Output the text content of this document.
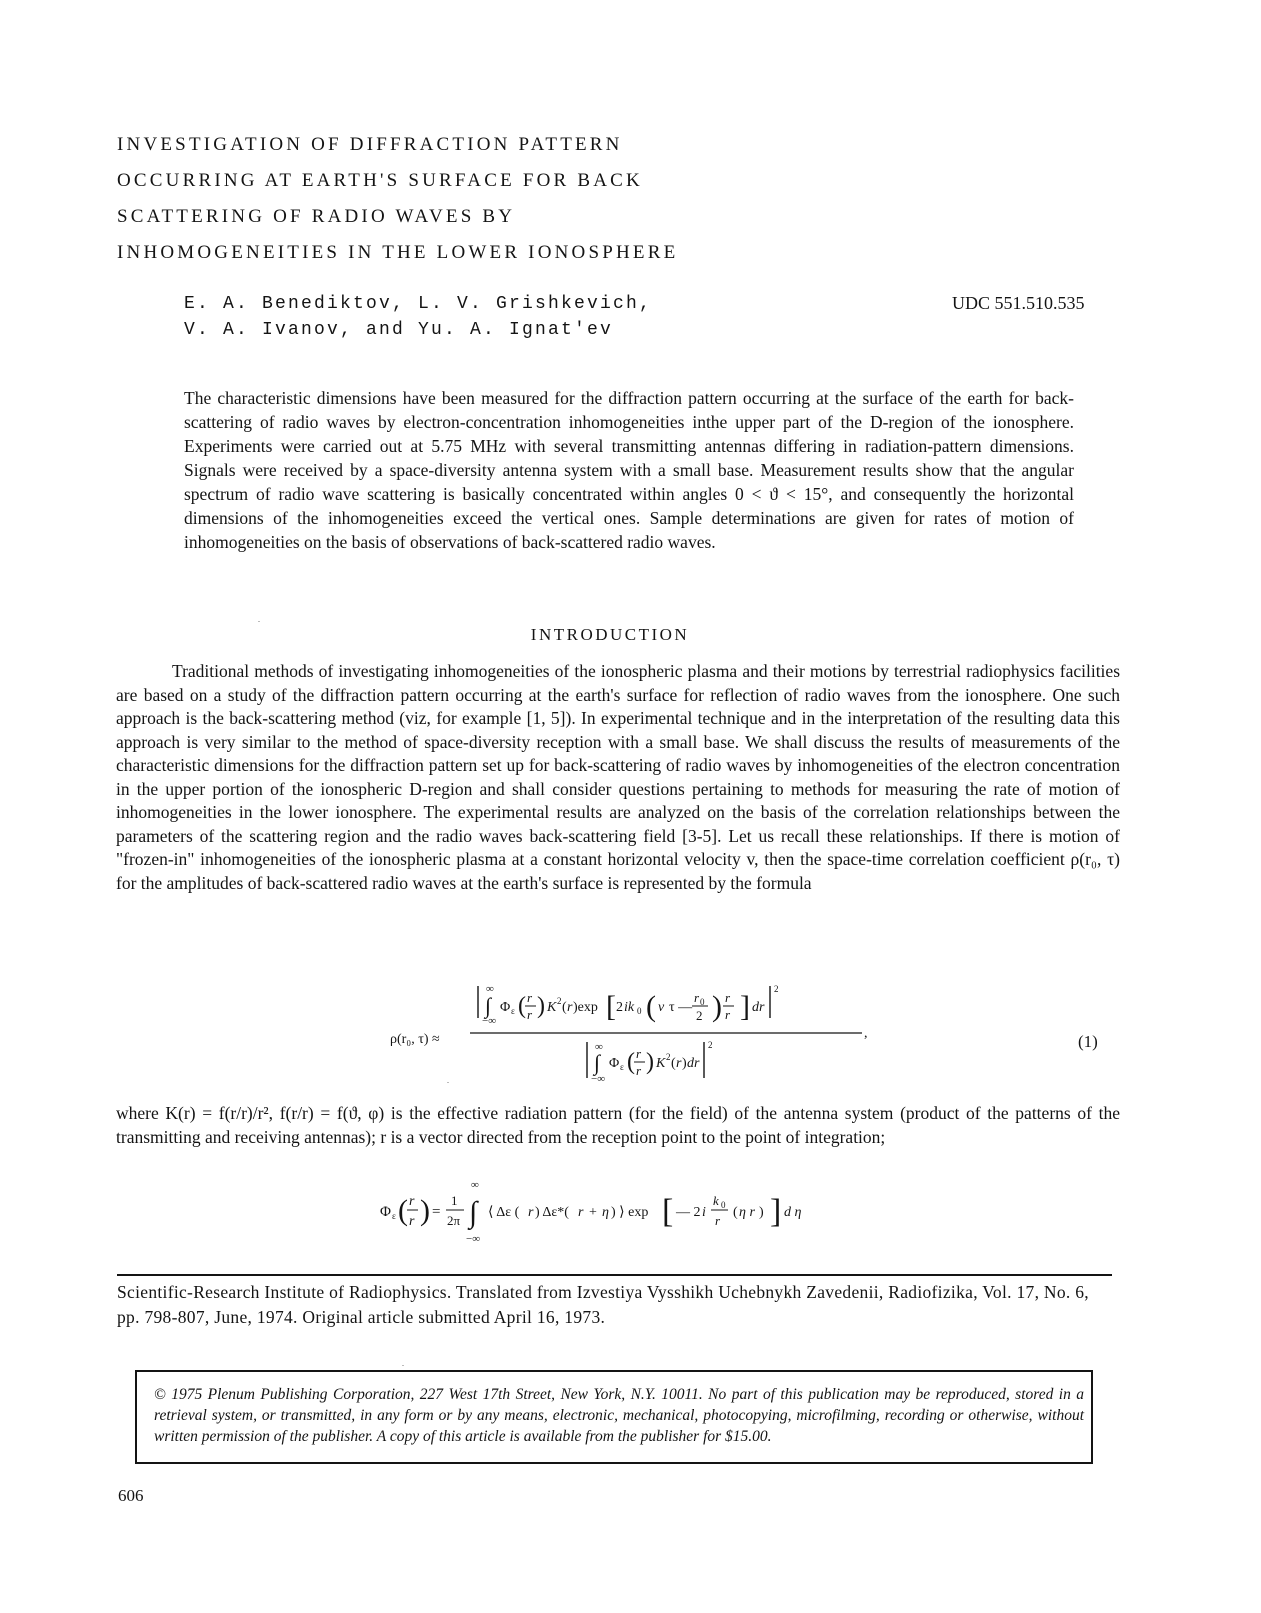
INVESTIGATION OF DIFFRACTION PATTERN
OCCURRING AT EARTH'S SURFACE FOR BACK
SCATTERING OF RADIO WAVES BY
INHOMOGENEITIES IN THE LOWER IONOSPHERE
E. A. Benediktov, L. V. Grishkevich,
V. A. Ivanov, and Yu. A. Ignat'ev
UDC 551.510.535

The characteristic dimensions have been measured for the diffraction pattern occurring at the surface of the earth for back-scattering of radio waves by electron-concentration inhomogeneities inthe upper part of the D-region of the ionosphere. Experiments were carried out at 5.75 MHz with several transmitting antennas differing in radiation-pattern dimensions. Signals were received by a space-diversity antenna system with a small base. Measurement results show that the angular spectrum of radio wave scattering is basically concentrated within angles 0 < ϑ < 15°, and consequently the horizontal dimensions of the inhomogeneities exceed the vertical ones. Sample determinations are given for rates of motion of inhomogeneities on the basis of observations of back-scattered radio waves.

INTRODUCTION

Traditional methods of investigating inhomogeneities of the ionospheric plasma and their motions by terrestrial radiophysics facilities are based on a study of the diffraction pattern occurring at the earth's surface for reflection of radio waves from the ionosphere. One such approach is the back-scattering method (viz, for example [1, 5]). In experimental technique and in the interpretation of the resulting data this approach is very similar to the method of space-diversity reception with a small base. We shall discuss the results of measurements of the characteristic dimensions for the diffraction pattern set up for back-scattering of radio waves by inhomogeneities of the electron concentration in the upper portion of the ionospheric D-region and shall consider questions pertaining to methods for measuring the rate of motion of inhomogeneities in the lower ionosphere. The experimental results are analyzed on the basis of the correlation relationships between the parameters of the scattering region and the radio waves back-scattering field [3-5]. Let us recall these relationships. If there is motion of "frozen-in" inhomogeneities of the ionospheric plasma at a constant horizontal velocity v, then the space-time correlation coefficient ρ(r₀, τ) for the amplitudes of back-scattered radio waves at the earth's surface is represented by the formula

ρ(r₀, τ) ≈
∞
∫
−∞
Φ ε ( r
r ) K 2 ( r )exp [ 2 ik 0 ( v τ —
r 0
2 ) r
r ] dr
2
,
∞
∫
−∞
Φ ε ( r
r ) K 2 ( r ) dr
2	(1)

where K(r) = f(r/r)/r², f(r/r) = f(ϑ, φ) is the effective radiation pattern (for the field) of the antenna system (product of the patterns of the transmitting and receiving antennas); r is a vector directed from the reception point to the point of integration;

Φ ε ( r
r ) =
1
2π
∞
∫
−∞
⟨ Δε ( r ) Δε*( r + η ) ⟩ exp [ — 2 i
k 0
r
( η r ) ] d η

Scientific-Research Institute of Radiophysics. Translated from Izvestiya Vysshikh Uchebnykh Zavedenii, Radiofizika, Vol. 17, No. 6, pp. 798-807, June, 1974. Original article submitted April 16, 1973.

© 1975 Plenum Publishing Corporation, 227 West 17th Street, New York, N.Y. 10011. No part of this publication may be reproduced, stored in a retrieval system, or transmitted, in any form or by any means, electronic, mechanical, photocopying, microfilming, recording or otherwise, without written permission of the publisher. A copy of this article is available from the publisher for $15.00.
606
